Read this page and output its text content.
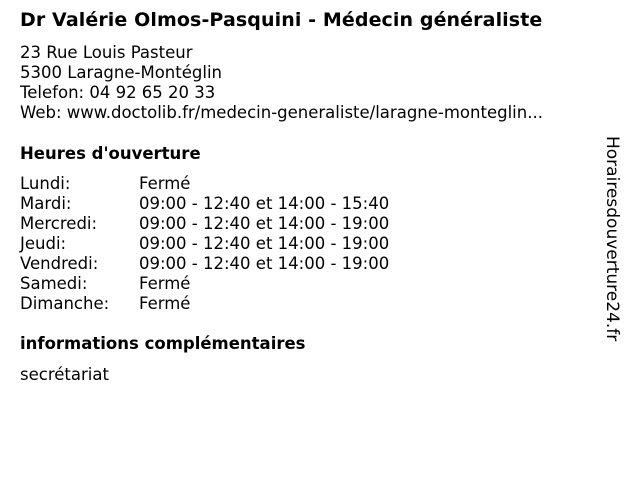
Dr Valérie Olmos-Pasquini - Médecin généraliste
23 Rue Louis Pasteur
5300 Laragne-Montéglin
Telefon: 04 92 65 20 33
Web: www.doctolib.fr/medecin-generaliste/laragne-monteglin...
Heures d'ouverture
Lundi:	Fermé
Mardi:	09:00 - 12:40 et 14:00 - 15:40
Mercredi:	09:00 - 12:40 et 14:00 - 19:00
Jeudi:	09:00 - 12:40 et 14:00 - 19:00
Vendredi: 09:00 - 12:40 et 14:00 - 19:00
Samedi:	Fermé
Dimanche: Fermé
informations complémentaires
secrétariat
Horairesdouverture24.fr
